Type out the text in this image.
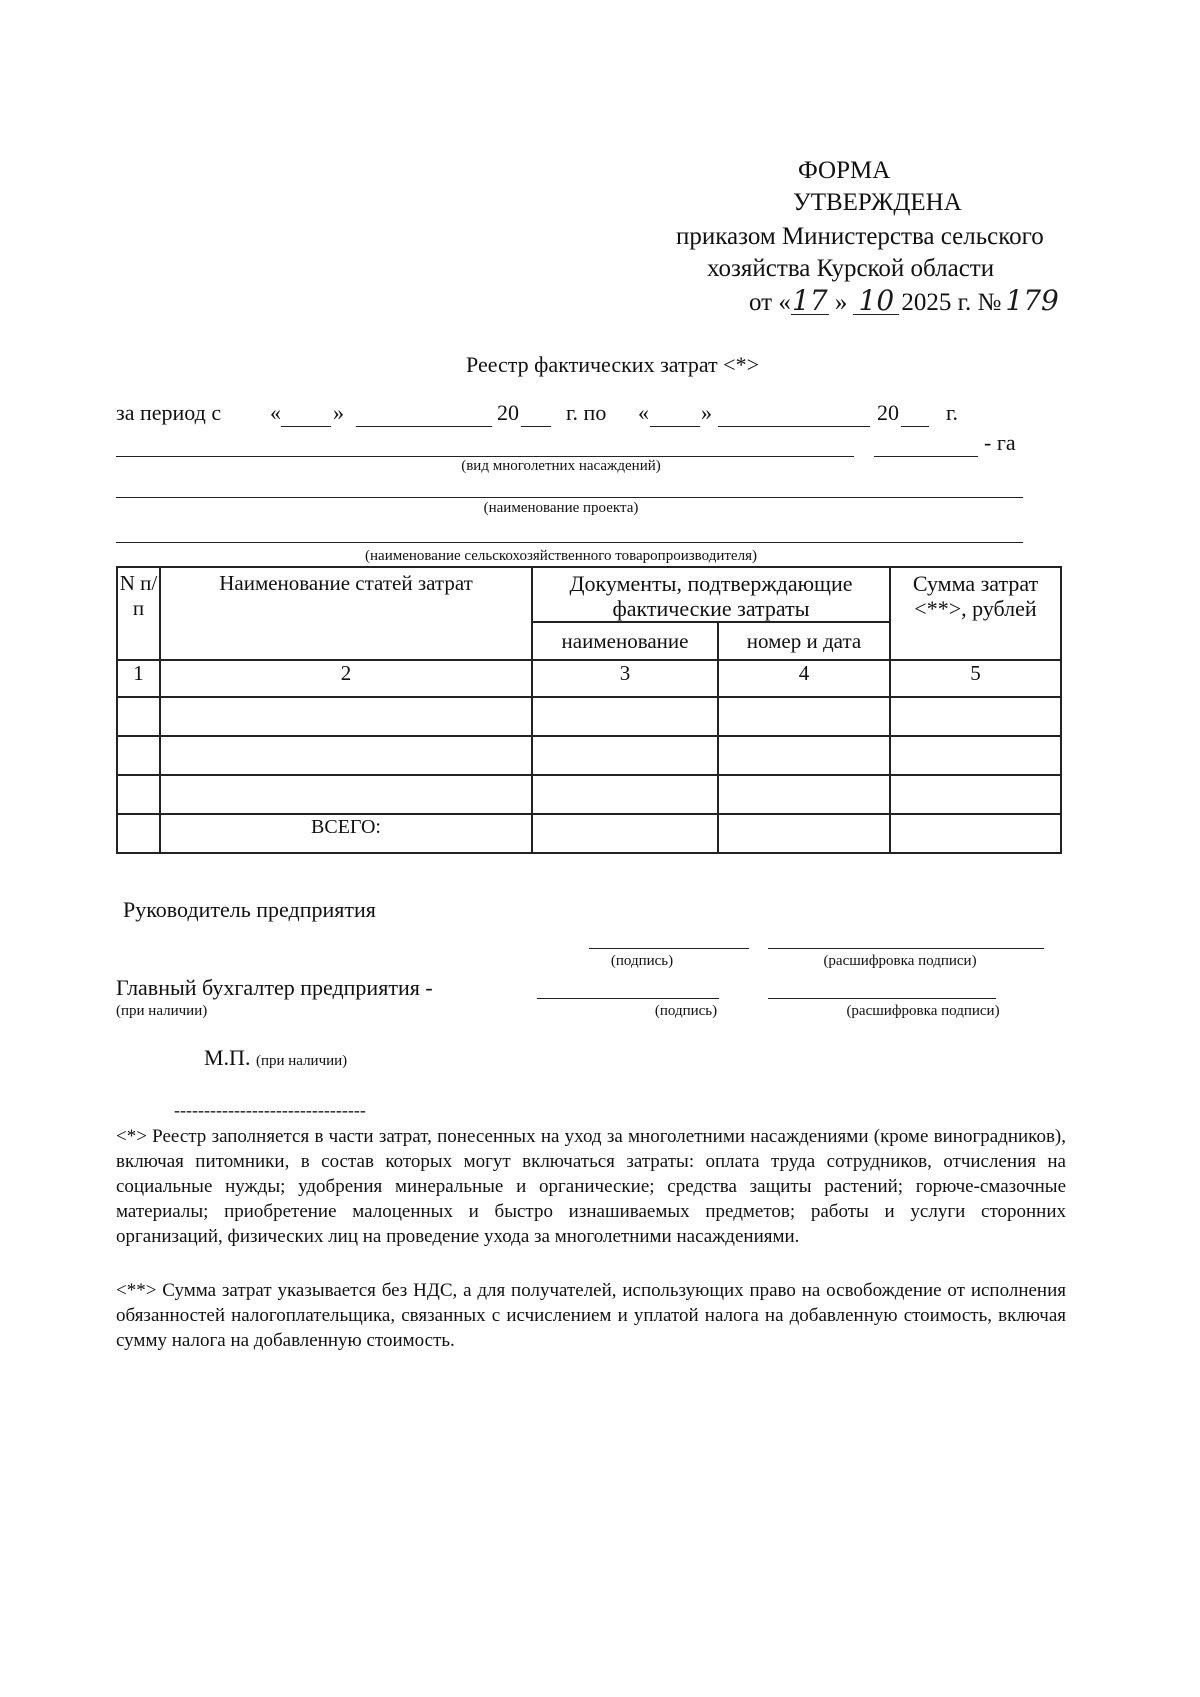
ФОРМА
УТВЕРЖДЕНА
приказом Министерства сельского
хозяйства Курской области
от «17 » 10 2025 г. № 179
Реестр фактических затрат <*>
за период с « »	20 г. по « »	20 г.
- га
(вид многолетних насаждений)
(наименование проекта)
(наименование сельскохозяйственного товаропроизводителя)
N п/п	Наименование статей затрат	Документы, подтверждающие фактические затраты		Сумма затрат <**>, рублей
		наименование	номер и дата	
1	2	3	4	5

	ВСЕГО:			
Руководитель предприятия
(подпись)	(расшифровка подписи)
Главный бухгалтер предприятия -
(при наличии)	(подпись)	(расшифровка подписи)
М.П. (при наличии)
--------------------------------
<*> Реестр заполняется в части затрат, понесенных на уход за многолетними насаждениями (кроме виноградников), включая питомники, в состав которых могут включаться затраты: оплата труда сотрудников, отчисления на социальные нужды; удобрения минеральные и органические; средства защиты растений; горюче-смазочные материалы; приобретение малоценных и быстро изнашиваемых предметов; работы и услуги сторонних организаций, физических лиц на проведение ухода за многолетними насаждениями.
<**> Сумма затрат указывается без НДС, а для получателей, использующих право на освобождение от исполнения обязанностей налогоплательщика, связанных с исчислением и уплатой налога на добавленную стоимость, включая сумму налога на добавленную стоимость.
